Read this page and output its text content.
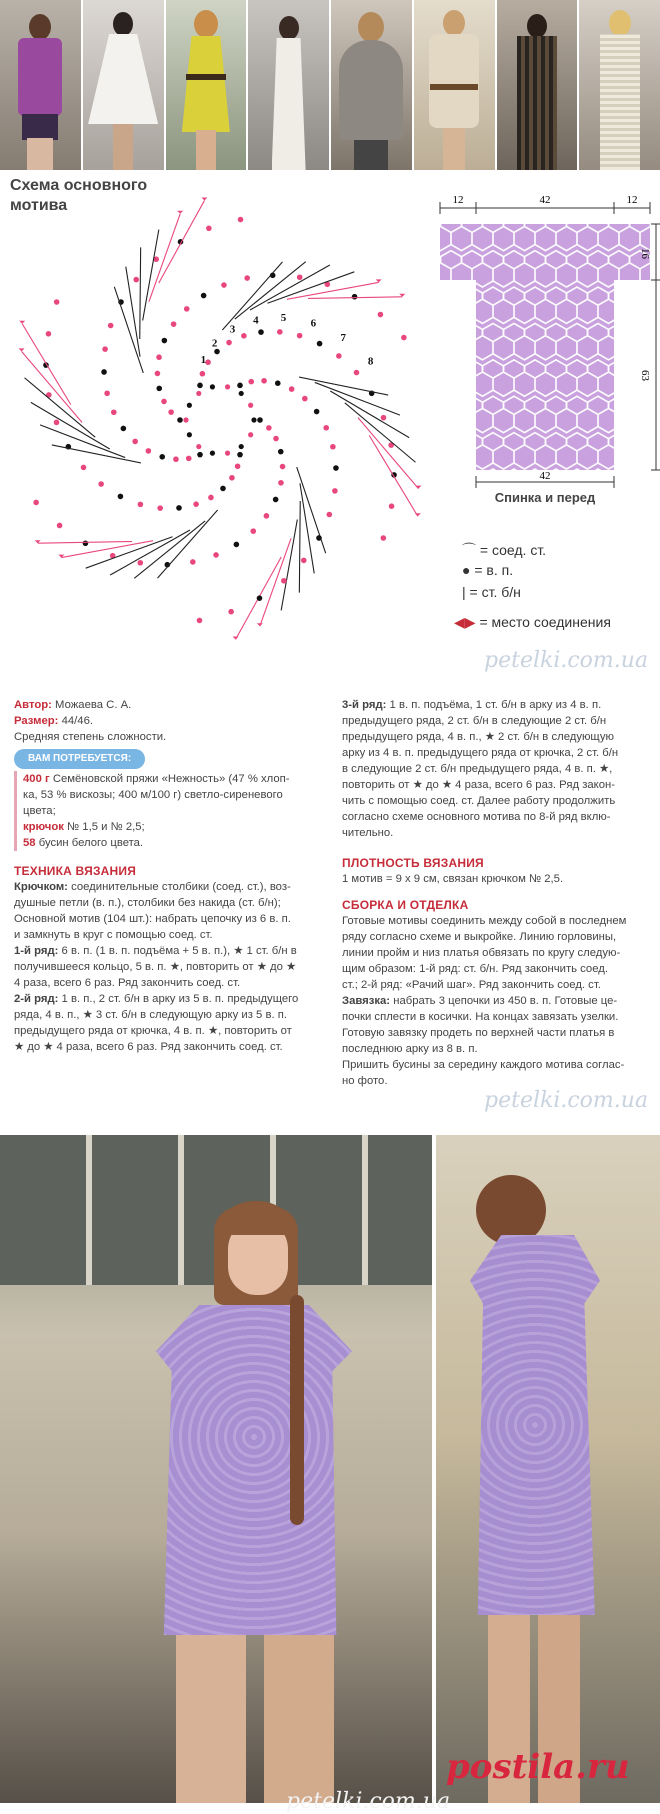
Схема основного
мотива
1
2
3
4 5 6
7
8
12	42	12
16
63
42
Спинка и перед
⌒ = соед. ст.
● = в. п.
| = ст. б/н
◀▶ = место соединения
petelki.com.ua
Автор: Можаева С. А.
Размер: 44/46.
Средняя степень сложности.
ВАМ ПОТРЕБУЕТСЯ:
400 г Семёновской пряжи «Нежность» (47 % хлоп-
ка, 53 % вискозы; 400 м/100 г) светло-сиреневого
цвета;
крючок № 1,5 и № 2,5;
58 бусин белого цвета.
ТЕХНИКА ВЯЗАНИЯ
Крючком: соединительные столбики (соед. ст.), воз-
душные петли (в. п.), столбики без накида (ст. б/н);
Основной мотив (104 шт.): набрать цепочку из 6 в. п.
и замкнуть в круг с помощью соед. ст.
1-й ряд: 6 в. п. (1 в. п. подъёма + 5 в. п.), ★ 1 ст. б/н в
получившееся кольцо, 5 в. п. ★, повторить от ★ до ★
4 раза, всего 6 раз. Ряд закончить соед. ст.
2-й ряд: 1 в. п., 2 ст. б/н в арку из 5 в. п. предыдущего
ряда, 4 в. п., ★ 3 ст. б/н в следующую арку из 5 в. п.
предыдущего ряда от крючка, 4 в. п. ★, повторить от
★ до ★ 4 раза, всего 6 раз. Ряд закончить соед. ст.
3-й ряд: 1 в. п. подъёма, 1 ст. б/н в арку из 4 в. п.
предыдущего ряда, 2 ст. б/н в следующие 2 ст. б/н
предыдущего ряда, 4 в. п., ★ 2 ст. б/н в следующую
арку из 4 в. п. предыдущего ряда от крючка, 2 ст. б/н
в следующие 2 ст. б/н предыдущего ряда, 4 в. п. ★,
повторить от ★ до ★ 4 раза, всего 6 раз. Ряд закон-
чить с помощью соед. ст. Далее работу продолжить
согласно схеме основного мотива по 8-й ряд вклю-
чительно.
ПЛОТНОСТЬ ВЯЗАНИЯ
1 мотив = 9 х 9 см, связан крючком № 2,5.
СБОРКА И ОТДЕЛКА
Готовые мотивы соединить между собой в последнем
ряду согласно схеме и выкройке. Линию горловины,
линии пройм и низ платья обвязать по кругу следую-
щим образом: 1-й ряд: ст. б/н. Ряд закончить соед.
ст.; 2-й ряд: «Рачий шаг». Ряд закончить соед. ст.
Завязка: набрать 3 цепочки из 450 в. п. Готовые це-
почки сплести в косички. На концах завязать узелки.
Готовую завязку продеть по верхней части платья в
последнюю арку из 8 в. п.
Пришить бусины за середину каждого мотива соглас-
но фото.
petelki.com.ua
petelki.com.ua
postila.ru
